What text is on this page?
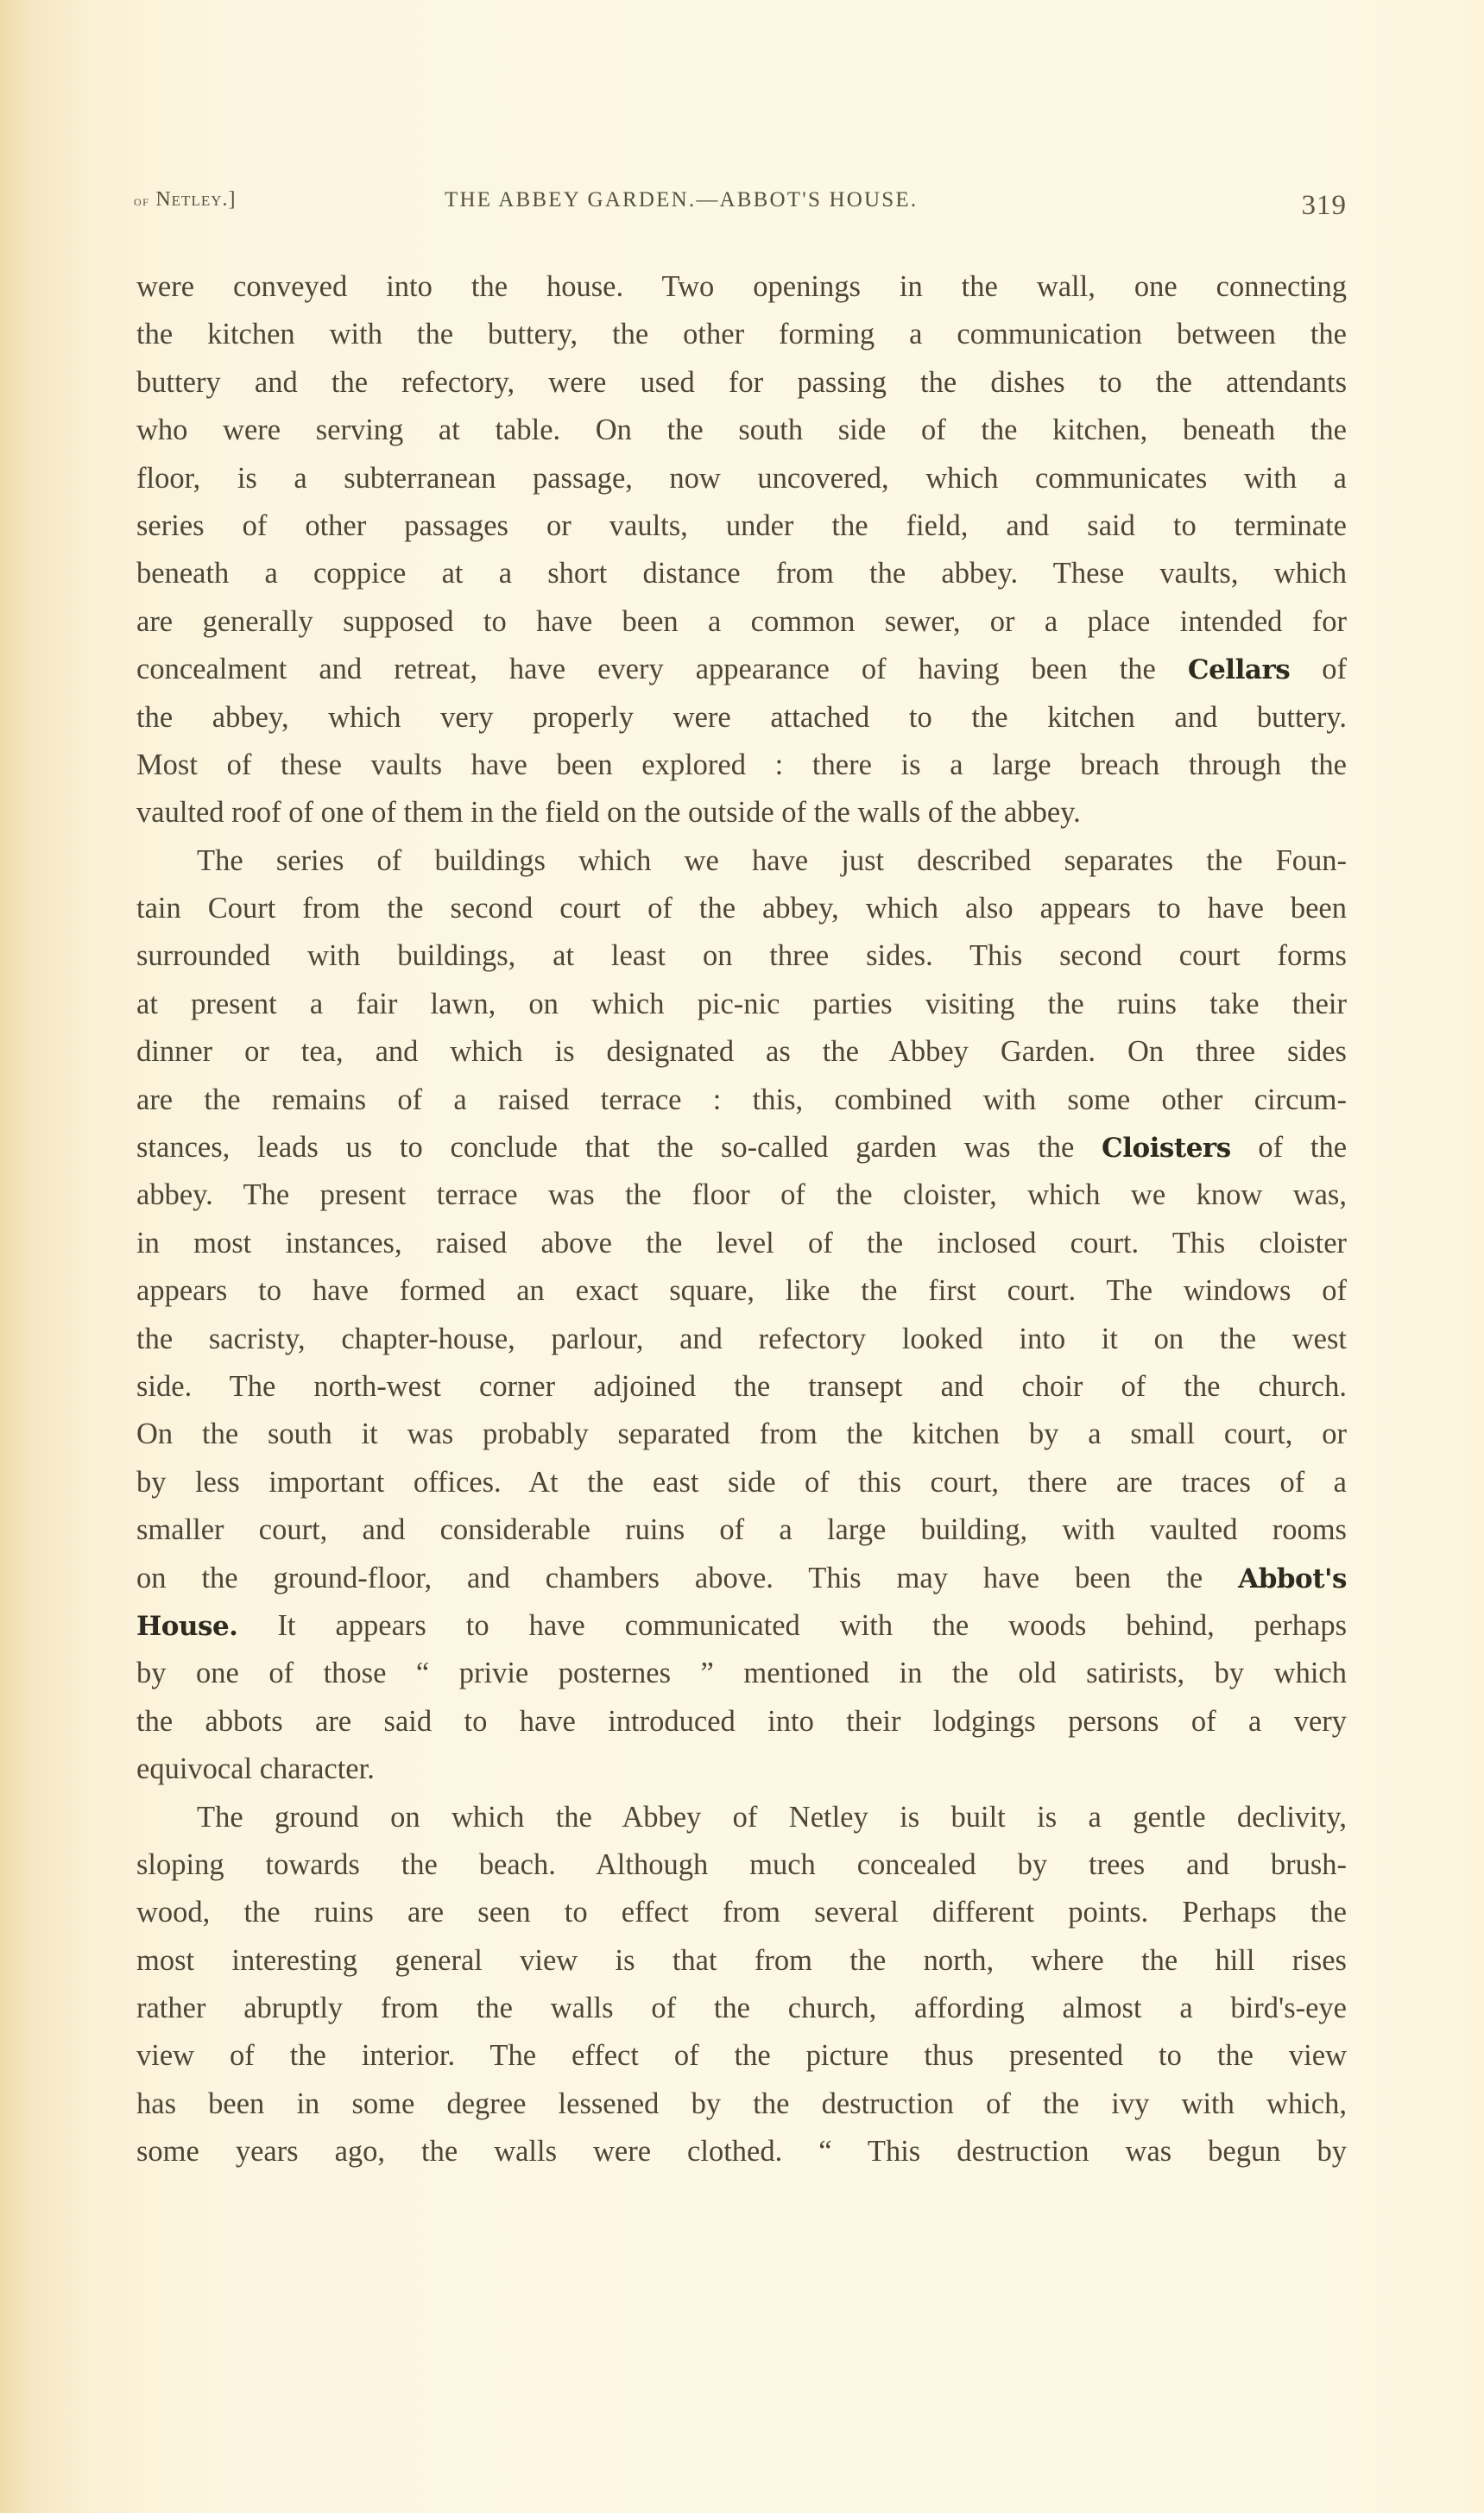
of Netley.]	THE ABBEY GARDEN.—ABBOT'S HOUSE.	319
were conveyed into the house. Two openings in the wall, one connecting
the kitchen with the buttery, the other forming a communication between the
buttery and the refectory, were used for passing the dishes to the attendants
who were serving at table. On the south side of the kitchen, beneath the
floor, is a subterranean passage, now uncovered, which communicates with a
series of other passages or vaults, under the field, and said to terminate
beneath a coppice at a short distance from the abbey. These vaults, which
are generally supposed to have been a common sewer, or a place intended for
concealment and retreat, have every appearance of having been the Cellars of
the abbey, which very properly were attached to the kitchen and buttery.
Most of these vaults have been explored : there is a large breach through the
vaulted roof of one of them in the field on the outside of the walls of the abbey.
The series of buildings which we have just described separates the Foun-
tain Court from the second court of the abbey, which also appears to have been
surrounded with buildings, at least on three sides. This second court forms
at present a fair lawn, on which pic-nic parties visiting the ruins take their
dinner or tea, and which is designated as the Abbey Garden. On three sides
are the remains of a raised terrace : this, combined with some other circum-
stances, leads us to conclude that the so-called garden was the Cloisters of the
abbey. The present terrace was the floor of the cloister, which we know was,
in most instances, raised above the level of the inclosed court. This cloister
appears to have formed an exact square, like the first court. The windows of
the sacristy, chapter-house, parlour, and refectory looked into it on the west
side. The north-west corner adjoined the transept and choir of the church.
On the south it was probably separated from the kitchen by a small court, or
by less important offices. At the east side of this court, there are traces of a
smaller court, and considerable ruins of a large building, with vaulted rooms
on the ground-floor, and chambers above. This may have been the Abbot's
House. It appears to have communicated with the woods behind, perhaps
by one of those “ privie posternes ” mentioned in the old satirists, by which
the abbots are said to have introduced into their lodgings persons of a very
equivocal character.
The ground on which the Abbey of Netley is built is a gentle declivity,
sloping towards the beach. Although much concealed by trees and brush-
wood, the ruins are seen to effect from several different points. Perhaps the
most interesting general view is that from the north, where the hill rises
rather abruptly from the walls of the church, affording almost a bird's-eye
view of the interior. The effect of the picture thus presented to the view
has been in some degree lessened by the destruction of the ivy with which,
some years ago, the walls were clothed. “ This destruction was begun by
